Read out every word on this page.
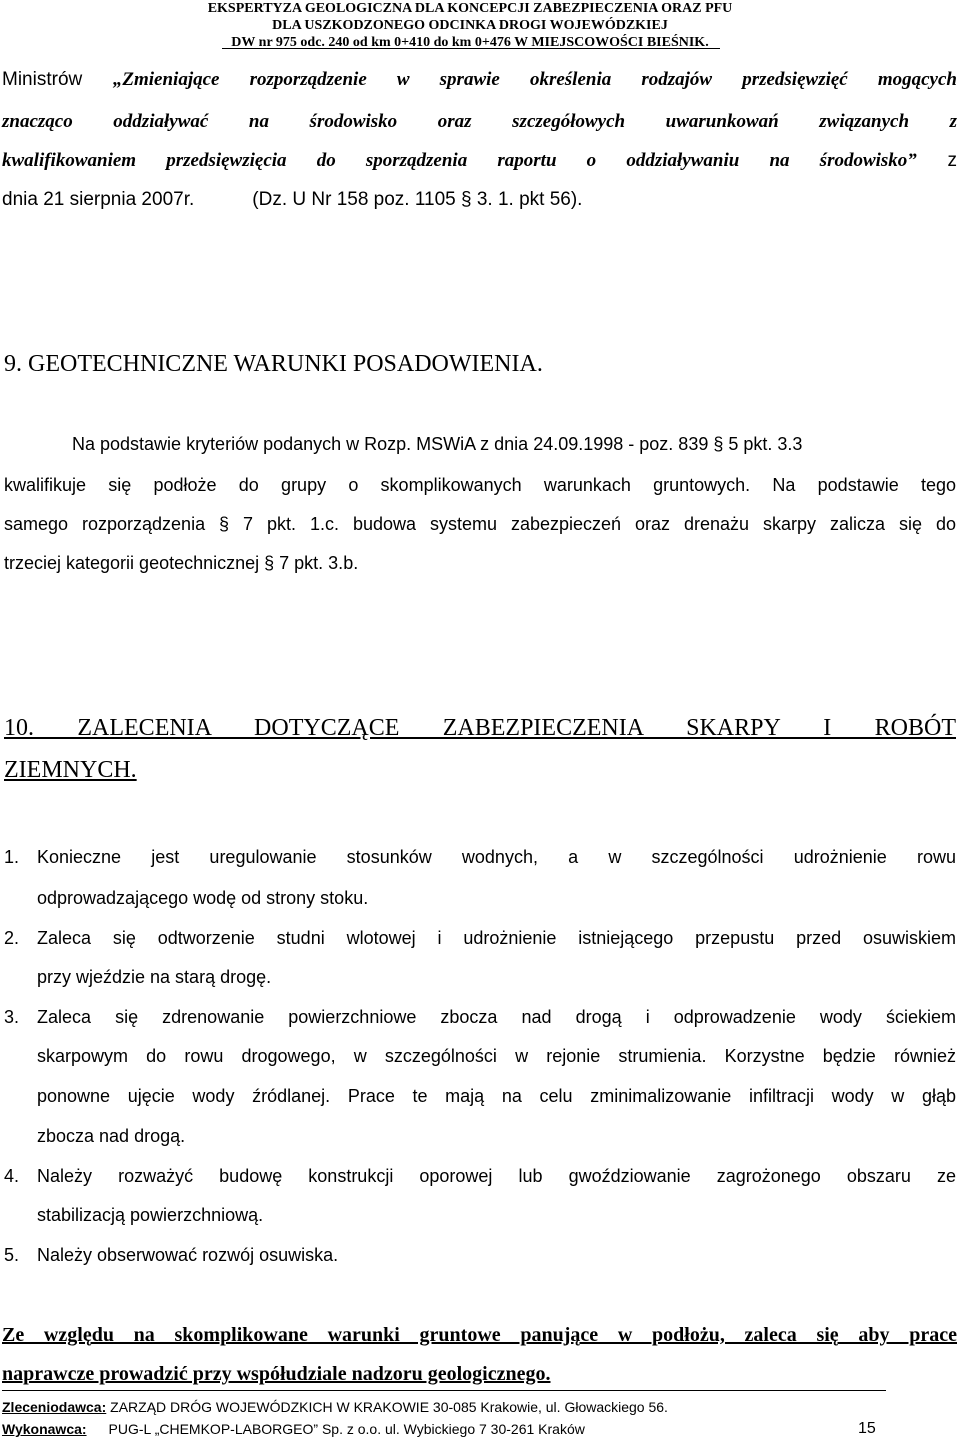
EKSPERTYZA GEOLOGICZNA DLA KONCEPCJI ZABEZPIECZENIA ORAZ PFU
DLA USZKODZONEGO ODCINKA DROGI WOJEWÓDZKIEJ
DW nr 975 odc. 240 od km 0+410 do km 0+476 W MIEJSCOWOŚCI BIEŚNIK.
Ministrów „Zmieniające rozporządzenie w sprawie określenia rodzajów przedsięwzięć mogących
znacząco oddziaływać na środowisko oraz szczegółowych uwarunkowań związanych z
kwalifikowaniem przedsięwzięcia do sporządzenia raportu o oddziaływaniu na środowisko” z
dnia 21 sierpnia 2007r.	(Dz. U Nr 158 poz. 1105 § 3. 1. pkt 56).
9. GEOTECHNICZNE WARUNKI POSADOWIENIA.
Na podstawie kryteriów podanych w Rozp. MSWiA z dnia 24.09.1998 - poz. 839 § 5 pkt. 3.3
kwalifikuje się podłoże do grupy o skomplikowanych warunkach gruntowych. Na podstawie tego
samego rozporządzenia § 7 pkt. 1.c. budowa systemu zabezpieczeń oraz drenażu skarpy zalicza się do
trzeciej kategorii geotechnicznej § 7 pkt. 3.b.
10. ZALECENIA DOTYCZĄCE ZABEZPIECZENIA SKARPY I ROBÓT
ZIEMNYCH.
1. Konieczne jest uregulowanie stosunków wodnych, a w szczególności udrożnienie rowu
odprowadzającego wodę od strony stoku.
2. Zaleca się odtworzenie studni wlotowej i udrożnienie istniejącego przepustu przed osuwiskiem
przy wjeździe na starą drogę.
3. Zaleca się zdrenowanie powierzchniowe zbocza nad drogą i odprowadzenie wody ściekiem
skarpowym do rowu drogowego, w szczególności w rejonie strumienia. Korzystne będzie również
ponowne ujęcie wody źródlanej. Prace te mają na celu zminimalizowanie infiltracji wody w głąb
zbocza nad drogą.
4. Należy rozważyć budowę konstrukcji oporowej lub gwoździowanie zagrożonego obszaru ze
stabilizacją powierzchniową.
5. Należy obserwować rozwój osuwiska.
Ze względu na skomplikowane warunki gruntowe panujące w podłożu, zaleca się aby prace
naprawcze prowadzić przy współudziale nadzoru geologicznego.
Zleceniodawca: ZARZĄD DRÓG WOJEWÓDZKICH W KRAKOWIE 30-085 Krakowie, ul. Głowackiego 56.
Wykonawca: PUG-L „CHEMKOP-LABORGEO” Sp. z o.o. ul. Wybickiego 7 30-261 Kraków	15
